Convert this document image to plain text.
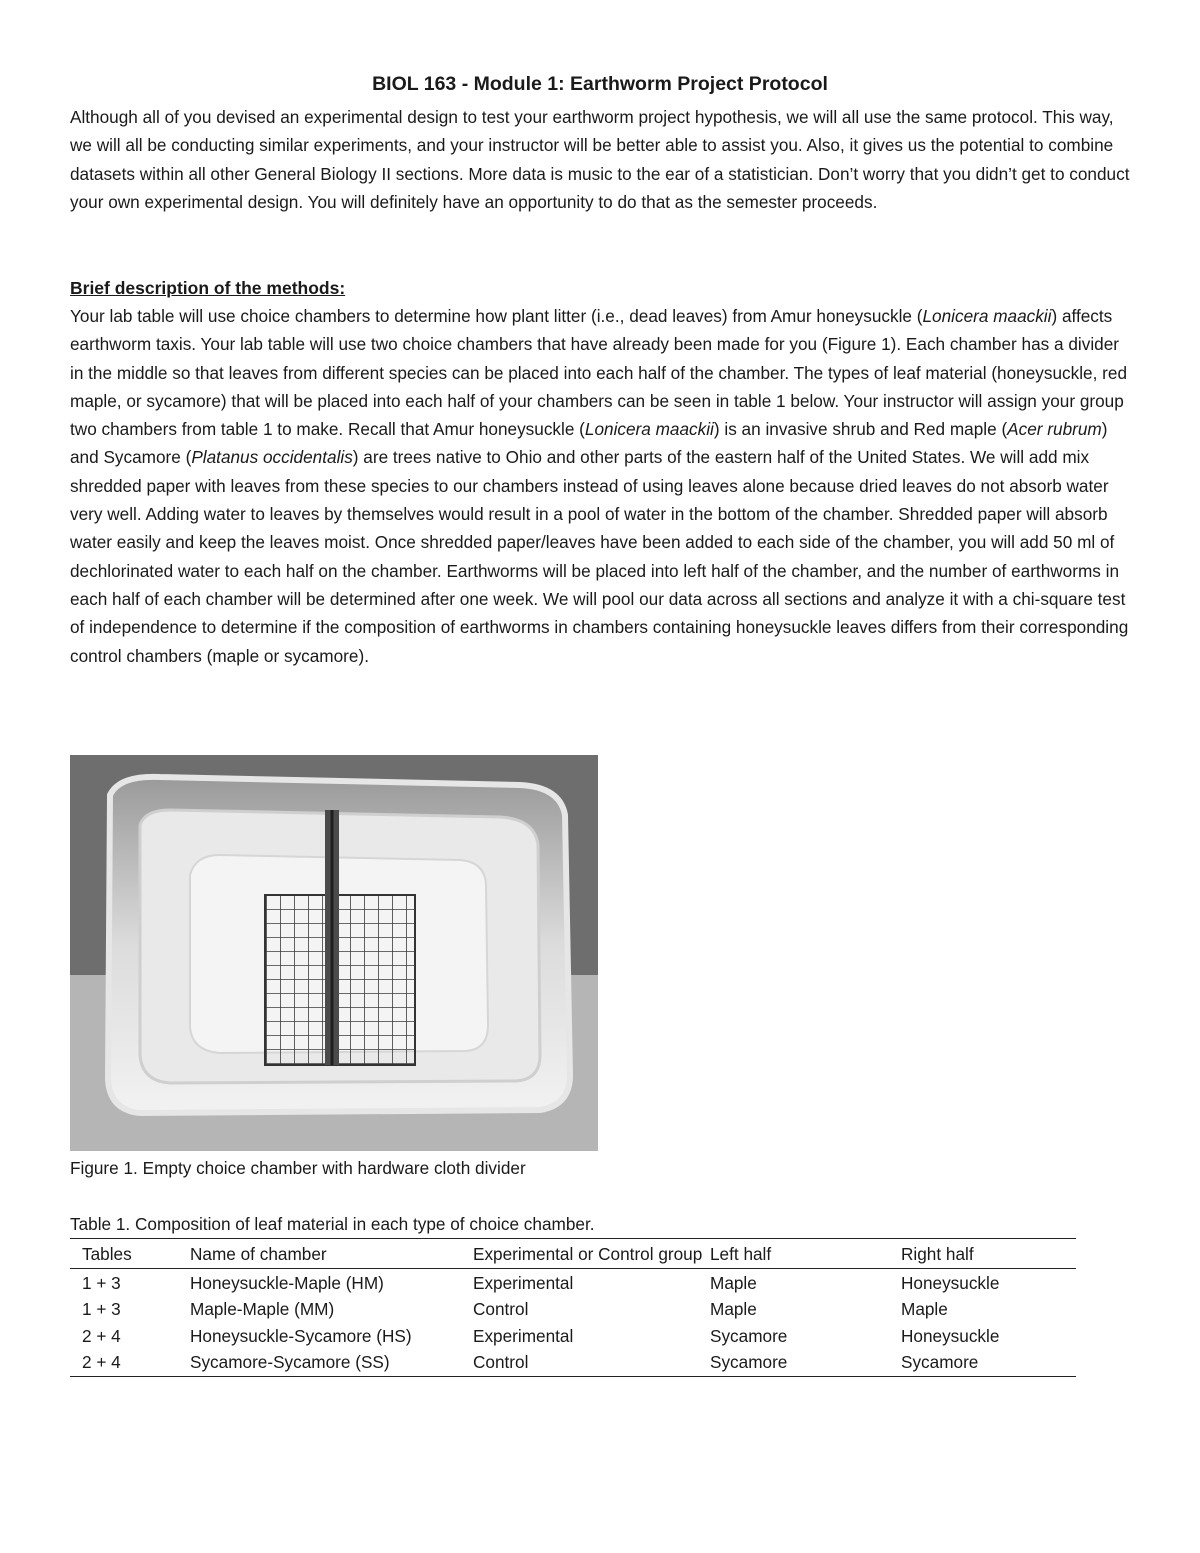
BIOL 163 - Module 1: Earthworm Project Protocol

Although all of you devised an experimental design to test your earthworm project hypothesis, we will all use the same protocol. This way, we will all be conducting similar experiments, and your instructor will be better able to assist you. Also, it gives us the potential to combine datasets within all other General Biology II sections. More data is music to the ear of a statistician. Don’t worry that you didn’t get to conduct your own experimental design. You will definitely have an opportunity to do that as the semester proceeds.

Brief description of the methods:

Your lab table will use choice chambers to determine how plant litter (i.e., dead leaves) from Amur honeysuckle (Lonicera maackii) affects earthworm taxis. Your lab table will use two choice chambers that have already been made for you (Figure 1). Each chamber has a divider in the middle so that leaves from different species can be placed into each half of the chamber. The types of leaf material (honeysuckle, red maple, or sycamore) that will be placed into each half of your chambers can be seen in table 1 below. Your instructor will assign your group two chambers from table 1 to make. Recall that Amur honeysuckle (Lonicera maackii) is an invasive shrub and Red maple (Acer rubrum) and Sycamore (Platanus occidentalis) are trees native to Ohio and other parts of the eastern half of the United States. We will add mix shredded paper with leaves from these species to our chambers instead of using leaves alone because dried leaves do not absorb water very well. Adding water to leaves by themselves would result in a pool of water in the bottom of the chamber. Shredded paper will absorb water easily and keep the leaves moist. Once shredded paper/leaves have been added to each side of the chamber, you will add 50 ml of dechlorinated water to each half on the chamber. Earthworms will be placed into left half of the chamber, and the number of earthworms in each half of each chamber will be determined after one week. We will pool our data across all sections and analyze it with a chi-square test of independence to determine if the composition of earthworms in chambers containing honeysuckle leaves differs from their corresponding control chambers (maple or sycamore).

Figure 1. Empty choice chamber with hardware cloth divider
Table 1. Composition of leaf material in each type of choice chamber.
Tables	Name of chamber	Experimental or Control group	Left half	Right half
1 + 3	Honeysuckle-Maple (HM)	Experimental	Maple	Honeysuckle
1 + 3	Maple-Maple (MM)	Control	Maple	Maple
2 + 4	Honeysuckle-Sycamore (HS)	Experimental	Sycamore	Honeysuckle
2 + 4	Sycamore-Sycamore (SS)	Control	Sycamore	Sycamore
